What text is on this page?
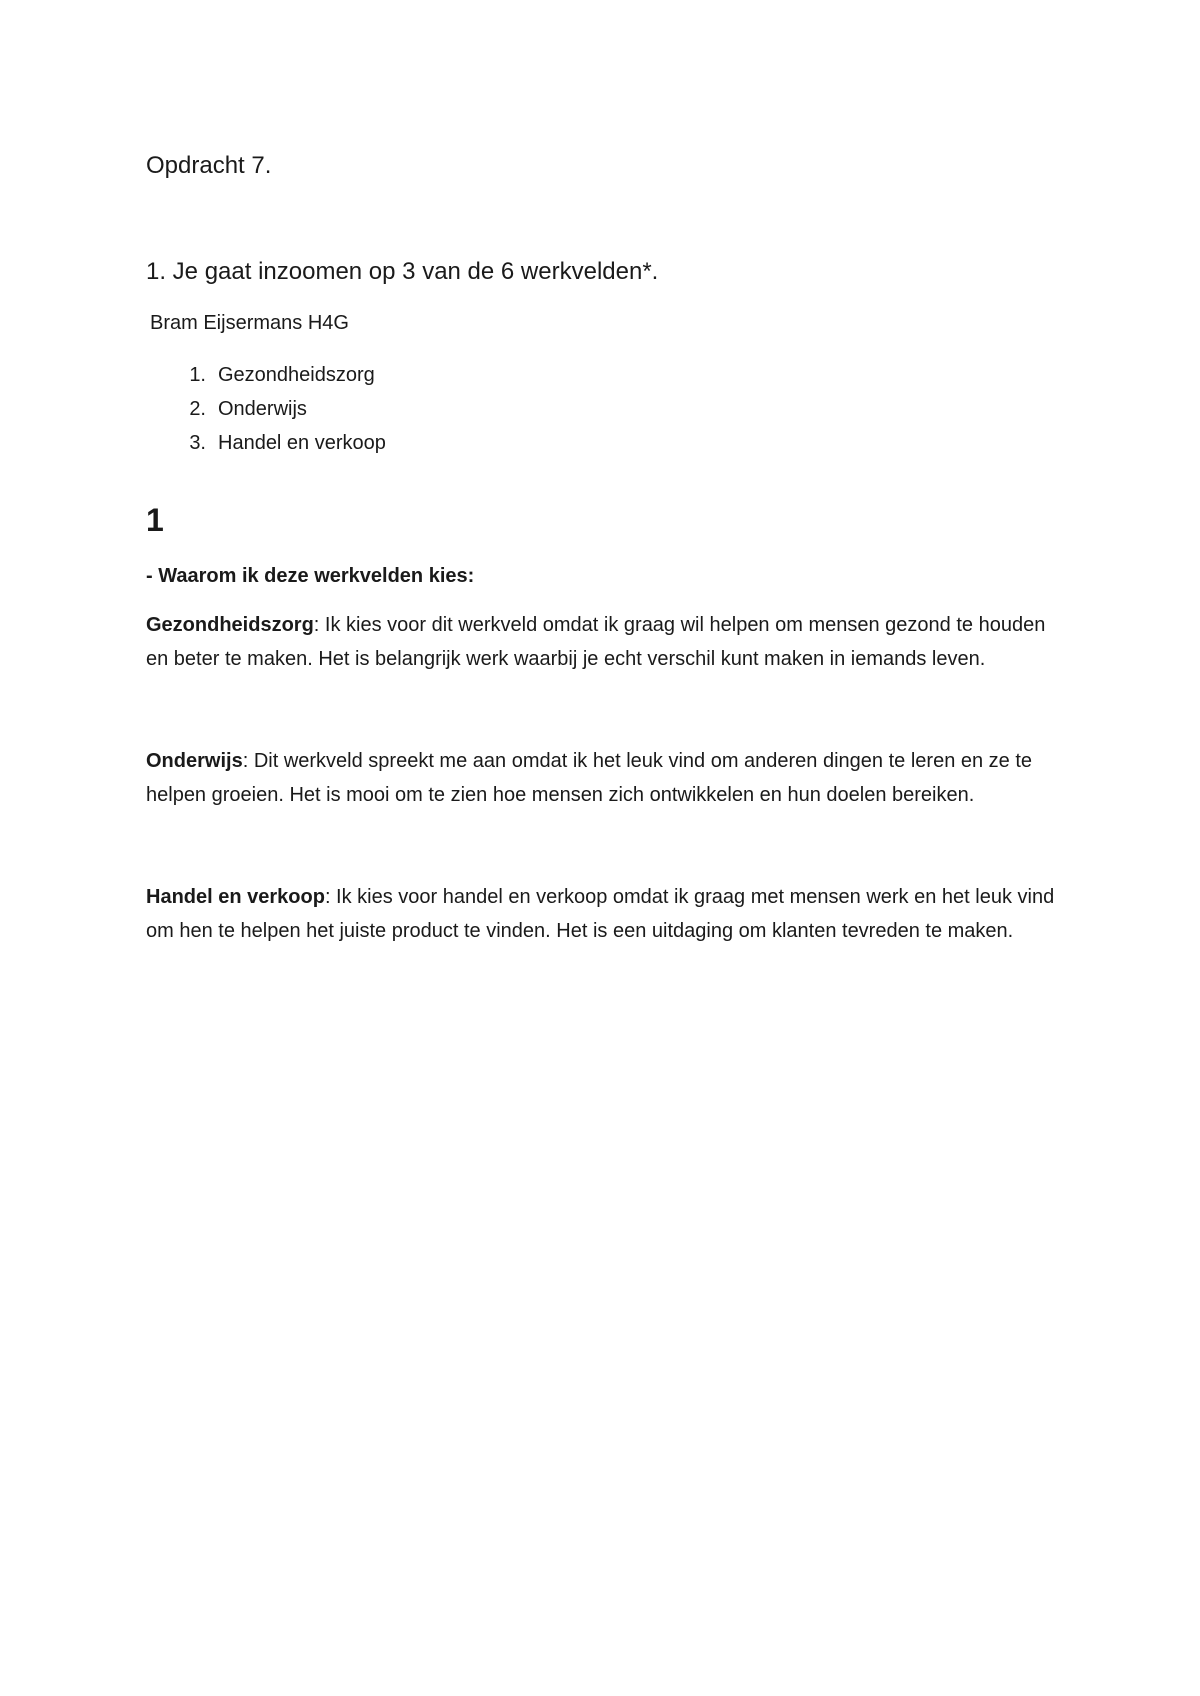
Opdracht 7.

1. Je gaat inzoomen op 3 van de 6 werkvelden*.

Bram Eijsermans H4G

1. Gezondheidszorg
2. Onderwijs
3. Handel en verkoop

1

- Waarom ik deze werkvelden kies:

Gezondheidszorg: Ik kies voor dit werkveld omdat ik graag wil helpen om mensen gezond te houden en beter te maken. Het is belangrijk werk waarbij je echt verschil kunt maken in iemands leven.

Onderwijs: Dit werkveld spreekt me aan omdat ik het leuk vind om anderen dingen te leren en ze te helpen groeien. Het is mooi om te zien hoe mensen zich ontwikkelen en hun doelen bereiken.

Handel en verkoop: Ik kies voor handel en verkoop omdat ik graag met mensen werk en het leuk vind om hen te helpen het juiste product te vinden. Het is een uitdaging om klanten tevreden te maken.
